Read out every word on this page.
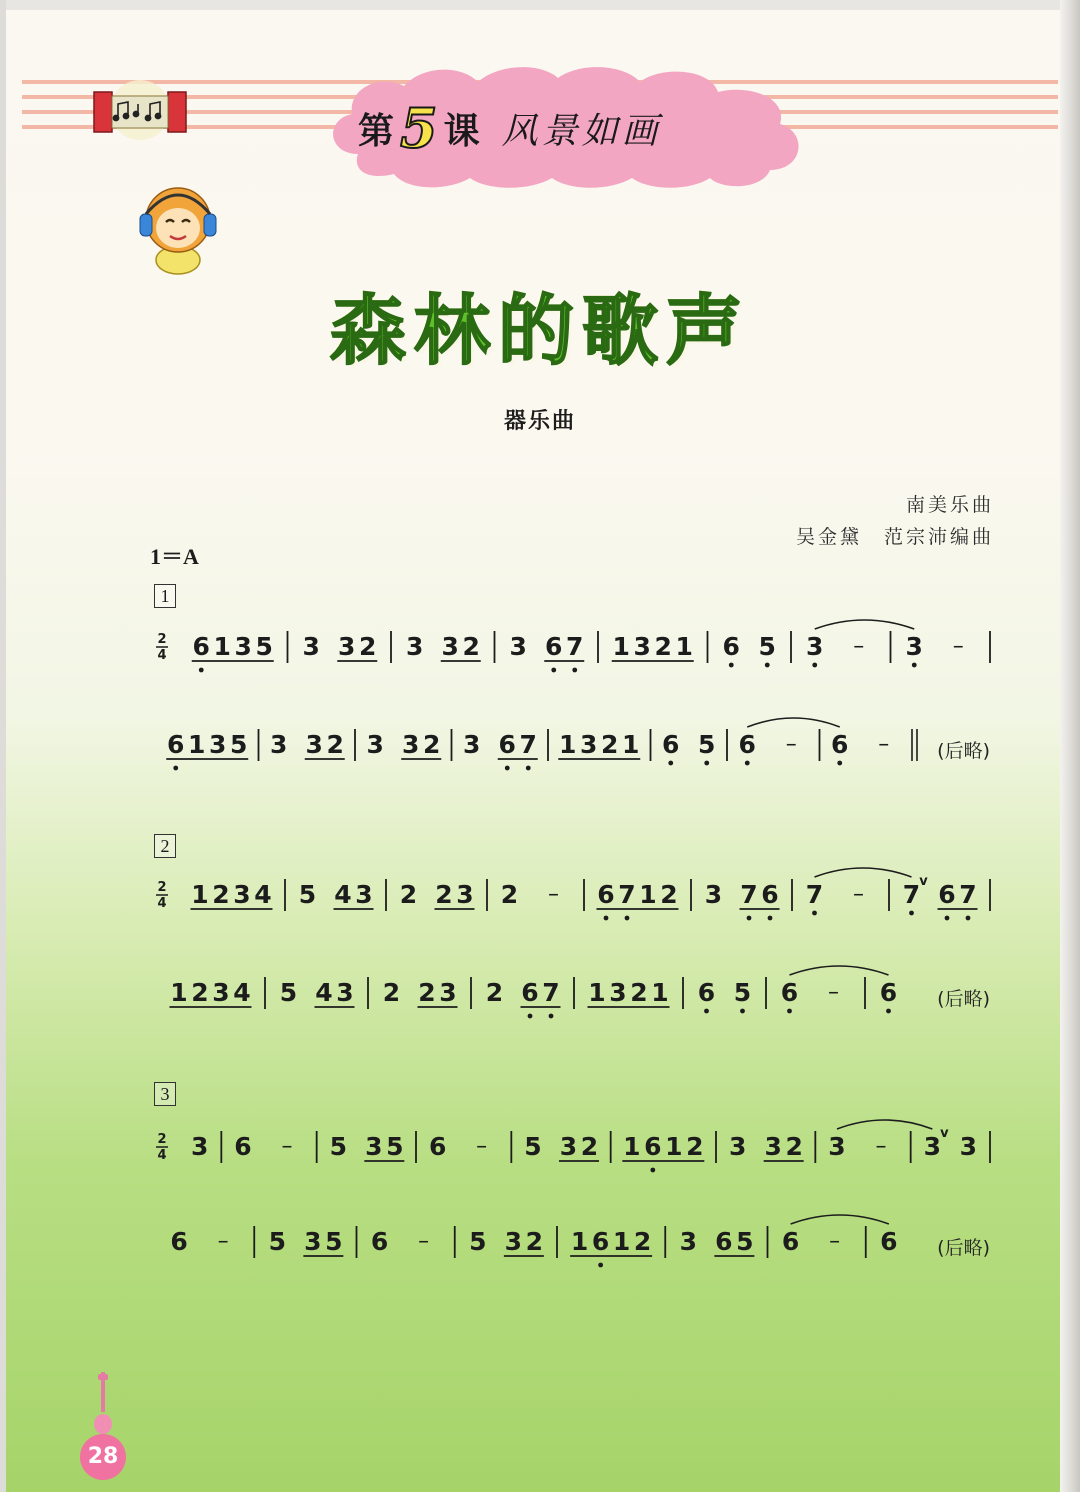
第 5 课 风景如画
森林的歌声
器乐曲
南美乐曲
吴金黛　范宗沛编曲
1＝A
1
2
3
2
4 6 1 3 5 3 3 2 3 3 2 3 6 7 1 3 2 1 6 5 3 – 3 –
6 1 3 5 3 3 2 3 3 2 3 6 7 1 3 2 1 6 5 6 – 6 –	(后略)
2
4 1 2 3 4 5 4 3 2 2 3 2 – 6 7 1 2 3 7 6 7 – 7 v 6 7
1 2 3 4 5 4 3 2 2 3 2 6 7 1 3 2 1 6 5 6 – 6 (后略)
2
4 3 6 – 5 3 5 6 – 5 3 2 1 6 1 2 3 3 2 3 – 3 v 3
6 – 5 3 5 6 – 5 3 2 1 6 1 2 3 6 5 6 – 6 (后略)
28
